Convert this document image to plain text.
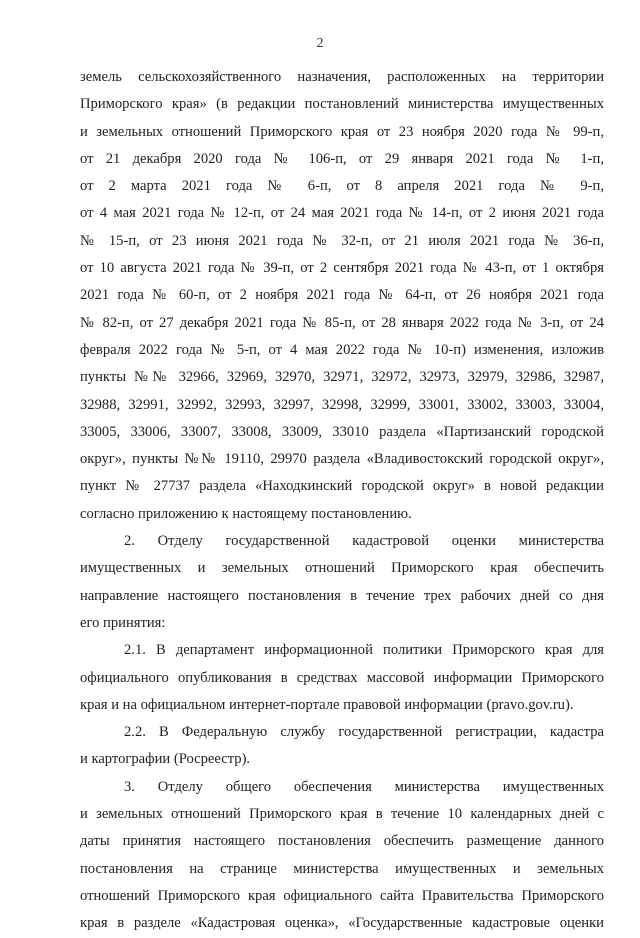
2
земель сельскохозяйственного назначения, расположенных на территории
Приморского края» (в редакции постановлений министерства имущественных
и земельных отношений Приморского края от 23 ноября 2020 года № 99-п,
от 21 декабря 2020 года № 106-п, от 29 января 2021 года № 1-п,
от 2 марта 2021 года № 6-п, от 8 апреля 2021 года № 9-п,
от 4 мая 2021 года № 12-п, от 24 мая 2021 года № 14-п, от 2 июня 2021 года
№ 15-п, от 23 июня 2021 года № 32-п, от 21 июля 2021 года № 36-п,
от 10 августа 2021 года № 39-п, от 2 сентября 2021 года № 43-п, от 1 октября
2021 года № 60-п, от 2 ноября 2021 года № 64-п, от 26 ноября 2021 года
№ 82-п, от 27 декабря 2021 года № 85-п, от 28 января 2022 года № 3-п, от 24
февраля 2022 года № 5-п, от 4 мая 2022 года № 10-п) изменения, изложив
пункты №№ 32966, 32969, 32970, 32971, 32972, 32973, 32979, 32986, 32987,
32988, 32991, 32992, 32993, 32997, 32998, 32999, 33001, 33002, 33003, 33004,
33005, 33006, 33007, 33008, 33009, 33010 раздела «Партизанский городской
округ», пункты №№ 19110, 29970 раздела «Владивостокский городской округ»,
пункт № 27737 раздела «Находкинский городской округ» в новой редакции
согласно приложению к настоящему постановлению.
2. Отделу государственной кадастровой оценки министерства
имущественных и земельных отношений Приморского края обеспечить
направление настоящего постановления в течение трех рабочих дней со дня
его принятия:
2.1. В департамент информационной политики Приморского края для
официального опубликования в средствах массовой информации Приморского
края и на официальном интернет-портале правовой информации (pravo.gov.ru).
2.2. В Федеральную службу государственной регистрации, кадастра
и картографии (Росреестр).
3. Отделу общего обеспечения министерства имущественных
и земельных отношений Приморского края в течение 10 календарных дней с
даты принятия настоящего постановления обеспечить размещение данного
постановления на странице министерства имущественных и земельных
отношений Приморского края официального сайта Правительства Приморского
края в разделе «Кадастровая оценка», «Государственные кадастровые оценки
